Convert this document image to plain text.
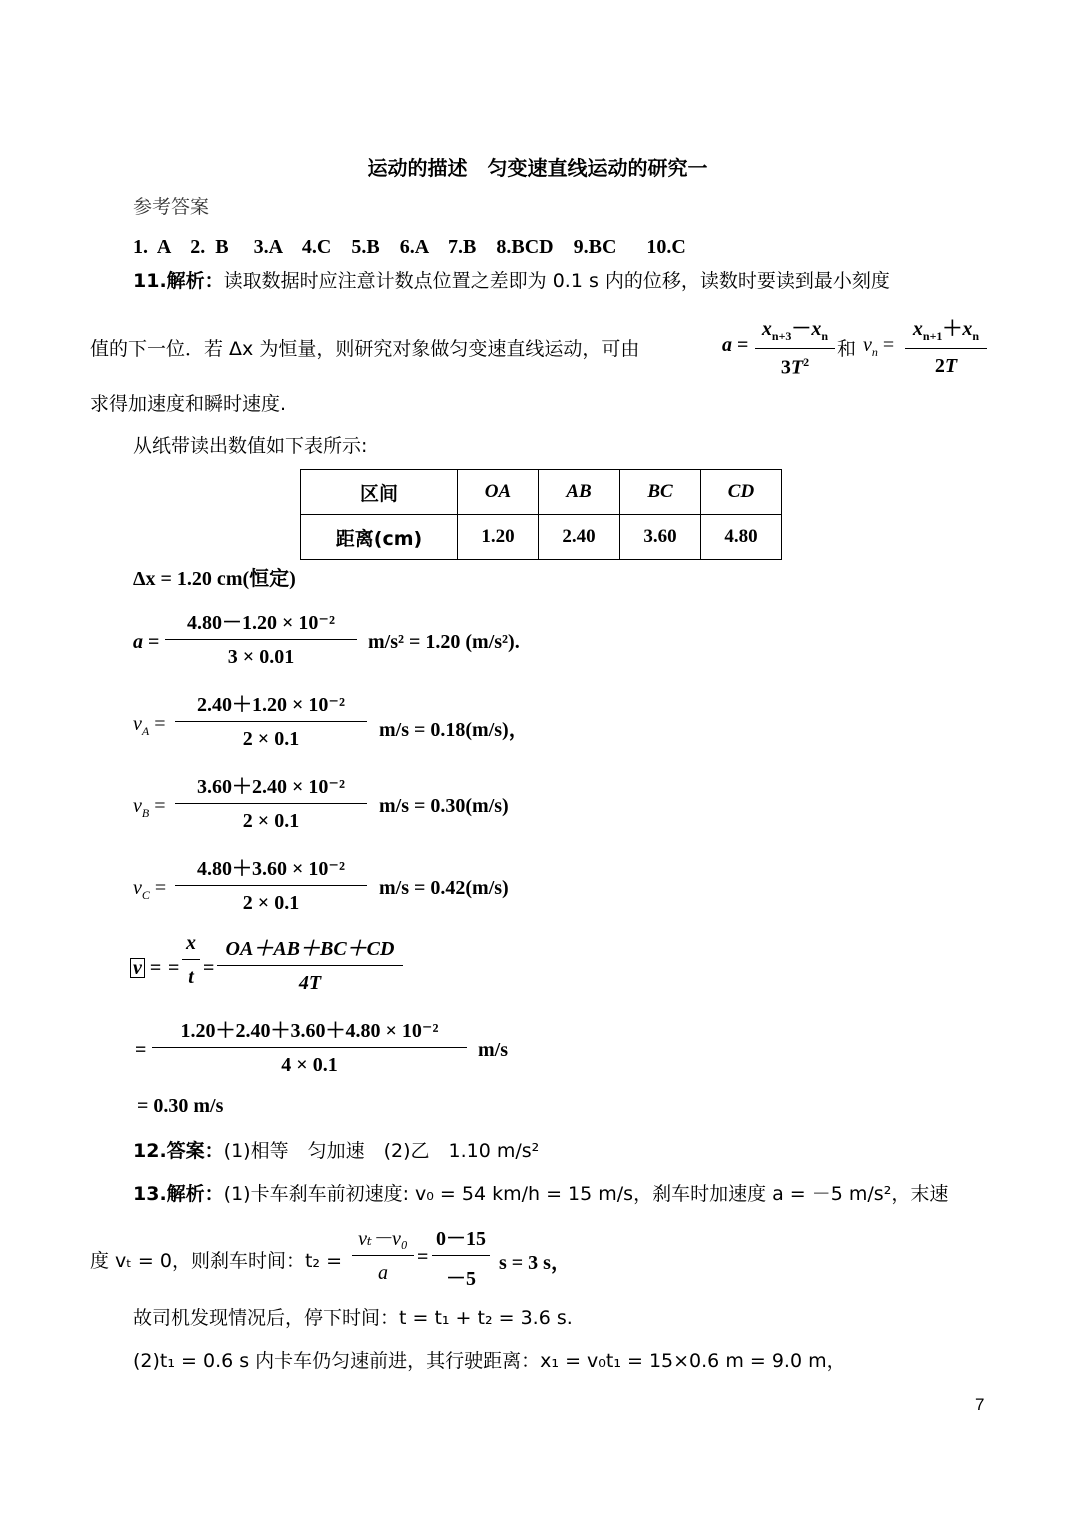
运动的描述　匀变速直线运动的研究一
参考答案
1.  A    2.  B     3.A    4.C    5.B    6.A    7.B    8.BCD    9.BC      10.C
11.解析：读取数据时应注意计数点位置之差即为 0.1 s 内的位移，读数时要读到最小刻度
值的下一位．若 Δx 为恒量，则研究对象做匀变速直线运动，可由	a =
$x_{n+3}-x_n$
$3T^2$
和 $v_n$ =
$x_{n+1}+x_n$
2T
求得加速度和瞬时速度.
从纸带读出数值如下表所示:
区间	OA	AB	BC	CD
距离(cm)	1.20	2.40	3.60	4.80
Δx = 1.20 cm(恒定)
a =
4.80－1.20 × 10⁻²
3 × 0.01
m/s² = 1.20 (m/s²).
$v_A$ =
2.40＋1.20 × 10⁻²
2 × 0.1	m/s = 0.18(m/s)，
$v_B$ =
3.60＋2.40 × 10⁻²
2 × 0.1
m/s = 0.30(m/s)
$v_C$ =
4.80＋3.60 × 10⁻²
2 × 0.1
m/s = 0.42(m/s)
v =
x
t
= =
OA＋AB＋BC＋CD
4T
=
1.20＋2.40＋3.60＋4.80 × 10⁻²
4 × 0.1
m/s
= 0.30 m/s
12.答案：(1)相等　匀加速　(2)乙　1.10 m/s²
13.解析：(1)卡车刹车前初速度: v₀ = 54 km/h = 15 m/s，刹车时加速度 a = －5 m/s²，末速
度 vₜ = 0，则刹车时间：t₂ =
vₜ－v₀
a
=
0－15
－5
s = 3 s，
故司机发现情况后，停下时间：t = t₁ + t₂ = 3.6 s.
(2)t₁ = 0.6 s 内卡车仍匀速前进，其行驶距离：x₁ = v₀t₁ = 15×0.6 m = 9.0 m，
7
